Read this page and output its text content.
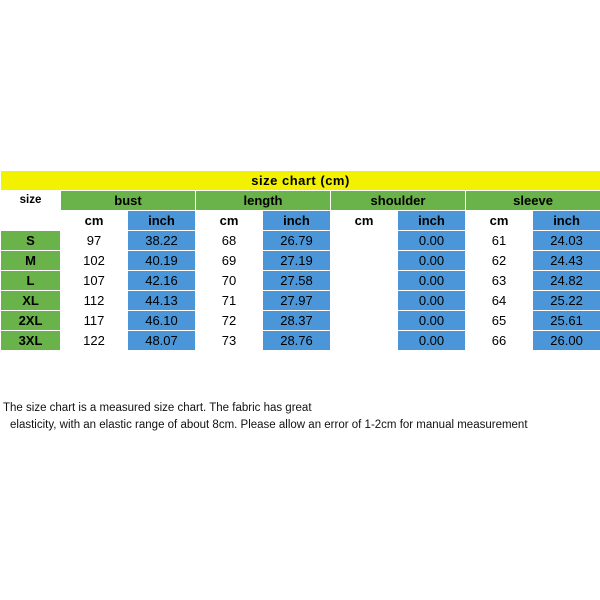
size chart (cm)								
size	bust		length		shoulder		sleeve	
	cm	inch	cm	inch	cm	inch	cm	inch
S	97	38.22	68	26.79		0.00	61	24.03
M	102	40.19	69	27.19		0.00	62	24.43
L	107	42.16	70	27.58		0.00	63	24.82
XL	112	44.13	71	27.97		0.00	64	25.22
2XL	117	46.10	72	28.37		0.00	65	25.61
3XL	122	48.07	73	28.76		0.00	66	26.00
The size chart is a measured size chart. The fabric has great
elasticity, with an elastic range of about 8cm. Please allow an error of 1-2cm for manual measurement
